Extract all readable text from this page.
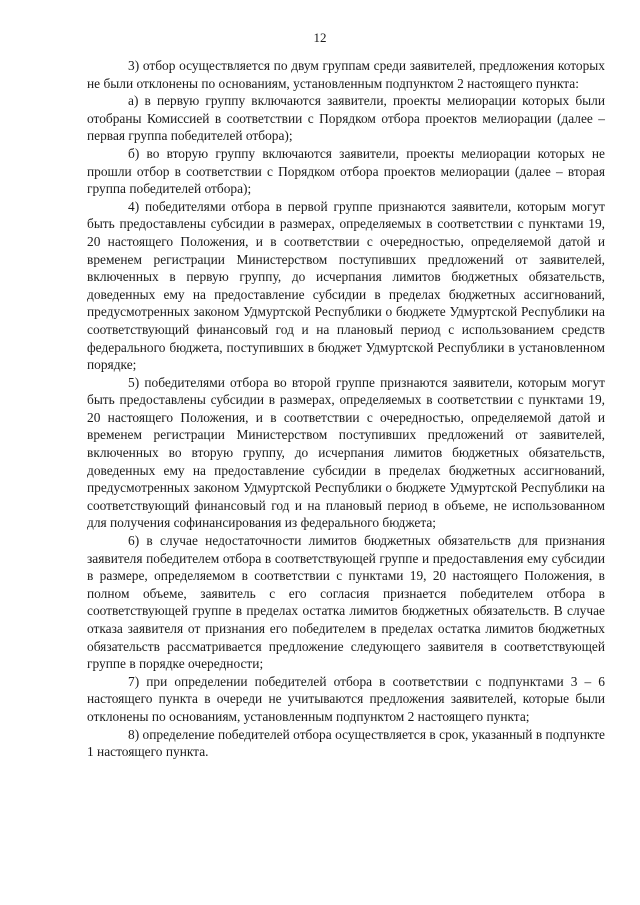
12

3) отбор осуществляется по двум группам среди заявителей, предложения которых не были отклонены по основаниям, установленным подпунктом 2 настоящего пункта:

а) в первую группу включаются заявители, проекты мелиорации которых были отобраны Комиссией в соответствии с Порядком отбора проектов мелиорации (далее – первая группа победителей отбора);

б) во вторую группу включаются заявители, проекты мелиорации которых не прошли отбор в соответствии с Порядком отбора проектов мелиорации (далее – вторая группа победителей отбора);

4) победителями отбора в первой группе признаются заявители, которым могут быть предоставлены субсидии в размерах, определяемых в соответствии с пунктами 19, 20 настоящего Положения, и в соответствии с очередностью, определяемой датой и временем регистрации Министерством поступивших предложений от заявителей, включенных в первую группу, до исчерпания лимитов бюджетных обязательств, доведенных ему на предоставление субсидии в пределах бюджетных ассигнований, предусмотренных законом Удмуртской Республики о бюджете Удмуртской Республики на соответствующий финансовый год и на плановый период с использованием средств федерального бюджета, поступивших в бюджет Удмуртской Республики в установленном порядке;

5) победителями отбора во второй группе признаются заявители, которым могут быть предоставлены субсидии в размерах, определяемых в соответствии с пунктами 19, 20 настоящего Положения, и в соответствии с очередностью, определяемой датой и временем регистрации Министерством поступивших предложений от заявителей, включенных во вторую группу, до исчерпания лимитов бюджетных обязательств, доведенных ему на предоставление субсидии в пределах бюджетных ассигнований, предусмотренных законом Удмуртской Республики о бюджете Удмуртской Республики на соответствующий финансовый год и на плановый период в объеме, не использованном для получения софинансирования из федерального бюджета;

6) в случае недостаточности лимитов бюджетных обязательств для признания заявителя победителем отбора в соответствующей группе и предоставления ему субсидии в размере, определяемом в соответствии с пунктами 19, 20 настоящего Положения, в полном объеме, заявитель с его согласия признается победителем отбора в соответствующей группе в пределах остатка лимитов бюджетных обязательств. В случае отказа заявителя от признания его победителем в пределах остатка лимитов бюджетных обязательств рассматривается предложение следующего заявителя в соответствующей группе в порядке очередности;

7) при определении победителей отбора в соответствии с подпунктами 3 – 6 настоящего пункта в очереди не учитываются предложения заявителей, которые были отклонены по основаниям, установленным подпунктом 2 настоящего пункта;

8) определение победителей отбора осуществляется в срок, указанный в подпункте 1 настоящего пункта.
